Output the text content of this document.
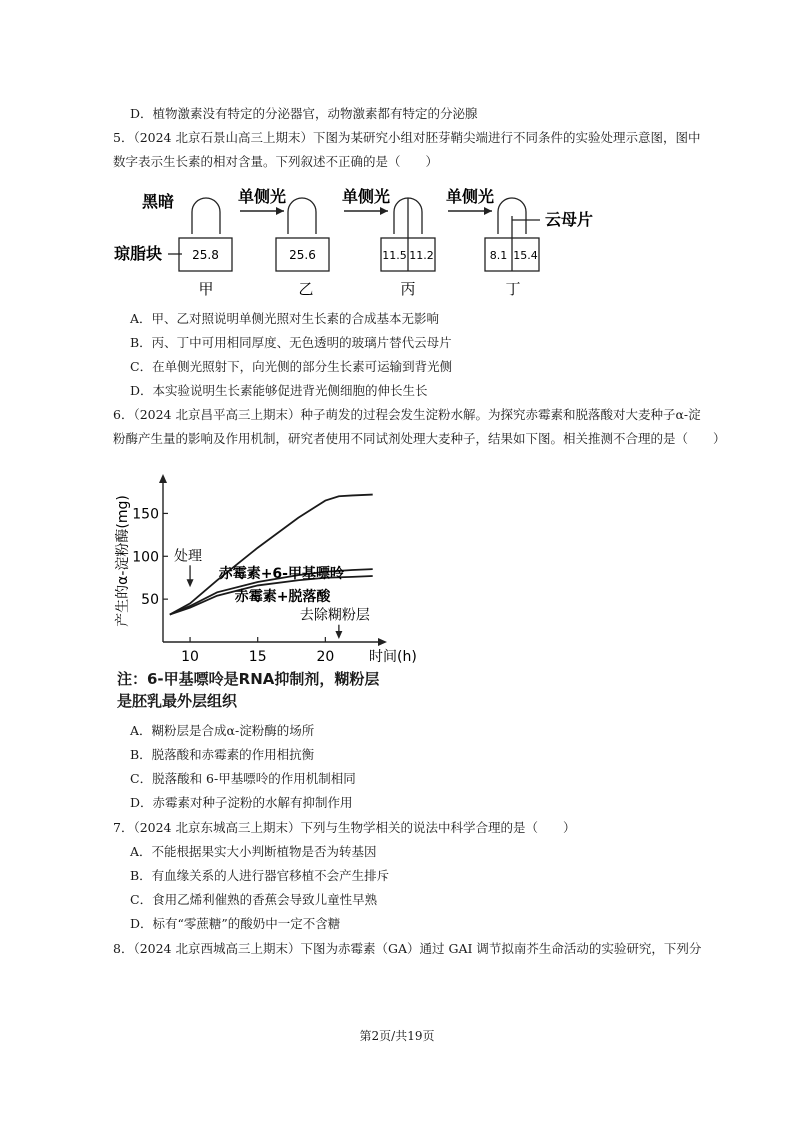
D．植物激素没有特定的分泌器官，动物激素都有特定的分泌腺
5．（2024 北京石景山高三上期末）下图为某研究小组对胚芽鞘尖端进行不同条件的实验处理示意图，图中
数字表示生长素的相对含量。下列叙述不正确的是（　　）
黑暗
25.8
琼脂块
甲
单侧光
25.6
乙
单侧光
11.5 11.2
丙
单侧光
云母片
8.1 15.4
丁
A．甲、乙对照说明单侧光照对生长素的合成基本无影响
B．丙、丁中可用相同厚度、无色透明的玻璃片替代云母片
C．在单侧光照射下，向光侧的部分生长素可运输到背光侧
D．本实验说明生长素能够促进背光侧细胞的伸长生长
6．（2024 北京昌平高三上期末）种子萌发的过程会发生淀粉水解。为探究赤霉素和脱落酸对大麦种子α-淀
粉酶产生量的影响及作用机制，研究者使用不同试剂处理大麦种子，结果如下图。相关推测不合理的是（　　）
50
100
150
10	15	20 时间(h)
产生的α-淀粉酶(mg)	赤霉素+6-甲基嘌呤
赤霉素+脱落酸
处理
去除糊粉层
注：6-甲基嘌呤是RNA抑制剂，糊粉层
是胚乳最外层组织
A．糊粉层是合成α-淀粉酶的场所
B．脱落酸和赤霉素的作用相抗衡
C．脱落酸和 6-甲基嘌呤的作用机制相同
D．赤霉素对种子淀粉的水解有抑制作用
7．（2024 北京东城高三上期末）下列与生物学相关的说法中科学合理的是（　　）
A．不能根据果实大小判断植物是否为转基因
B．有血缘关系的人进行器官移植不会产生排斥
C．食用乙烯利催熟的香蕉会导致儿童性早熟
D．标有“零蔗糖”的酸奶中一定不含糖
8．（2024 北京西城高三上期末）下图为赤霉素（GA）通过 GAI 调节拟南芥生命活动的实验研究，下列分
第2页/共19页
